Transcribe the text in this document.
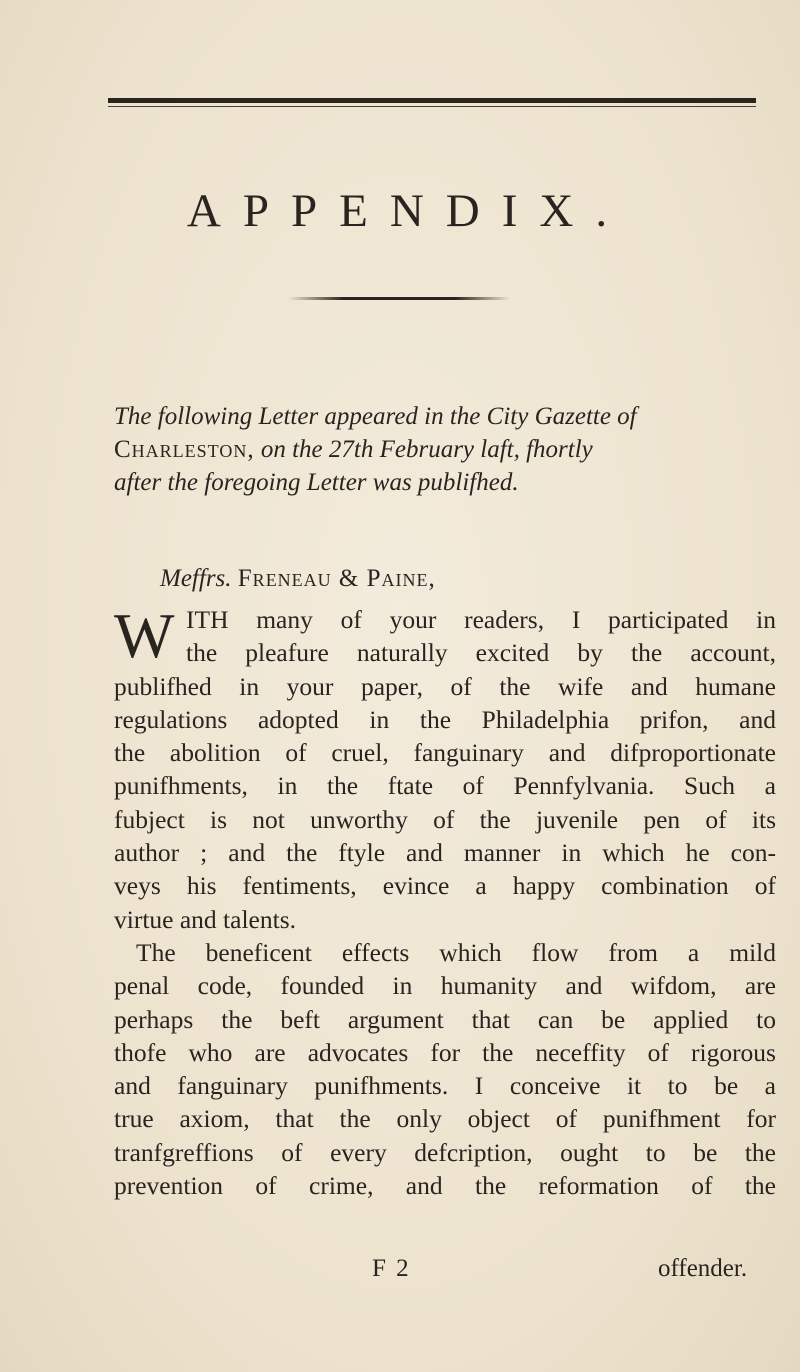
APPENDIX.
The following Letter appeared in the City Gazette of
Charleston, on the 27th February laft, fhortly
after the foregoing Letter was publifhed.
Meffrs. Freneau & Paine,
W ITH many of your readers, I participated in
the pleafure naturally excited by the account,
publifhed in your paper, of the wife and humane
regulations adopted in the Philadelphia prifon, and
the abolition of cruel, fanguinary and difproportionate
punifhments, in the ftate of Pennfylvania. Such a
fubject is not unworthy of the juvenile pen of its
author ; and the ftyle and manner in which he con-
veys his fentiments, evince a happy combination of
virtue and talents.
The beneficent effects which flow from a mild
penal code, founded in humanity and wifdom, are
perhaps the beft argument that can be applied to
thofe who are advocates for the neceffity of rigorous
and fanguinary punifhments. I conceive it to be a
true axiom, that the only object of punifhment for
tranfgreffions of every defcription, ought to be the
prevention of crime, and the reformation of the
F 2	offender.
